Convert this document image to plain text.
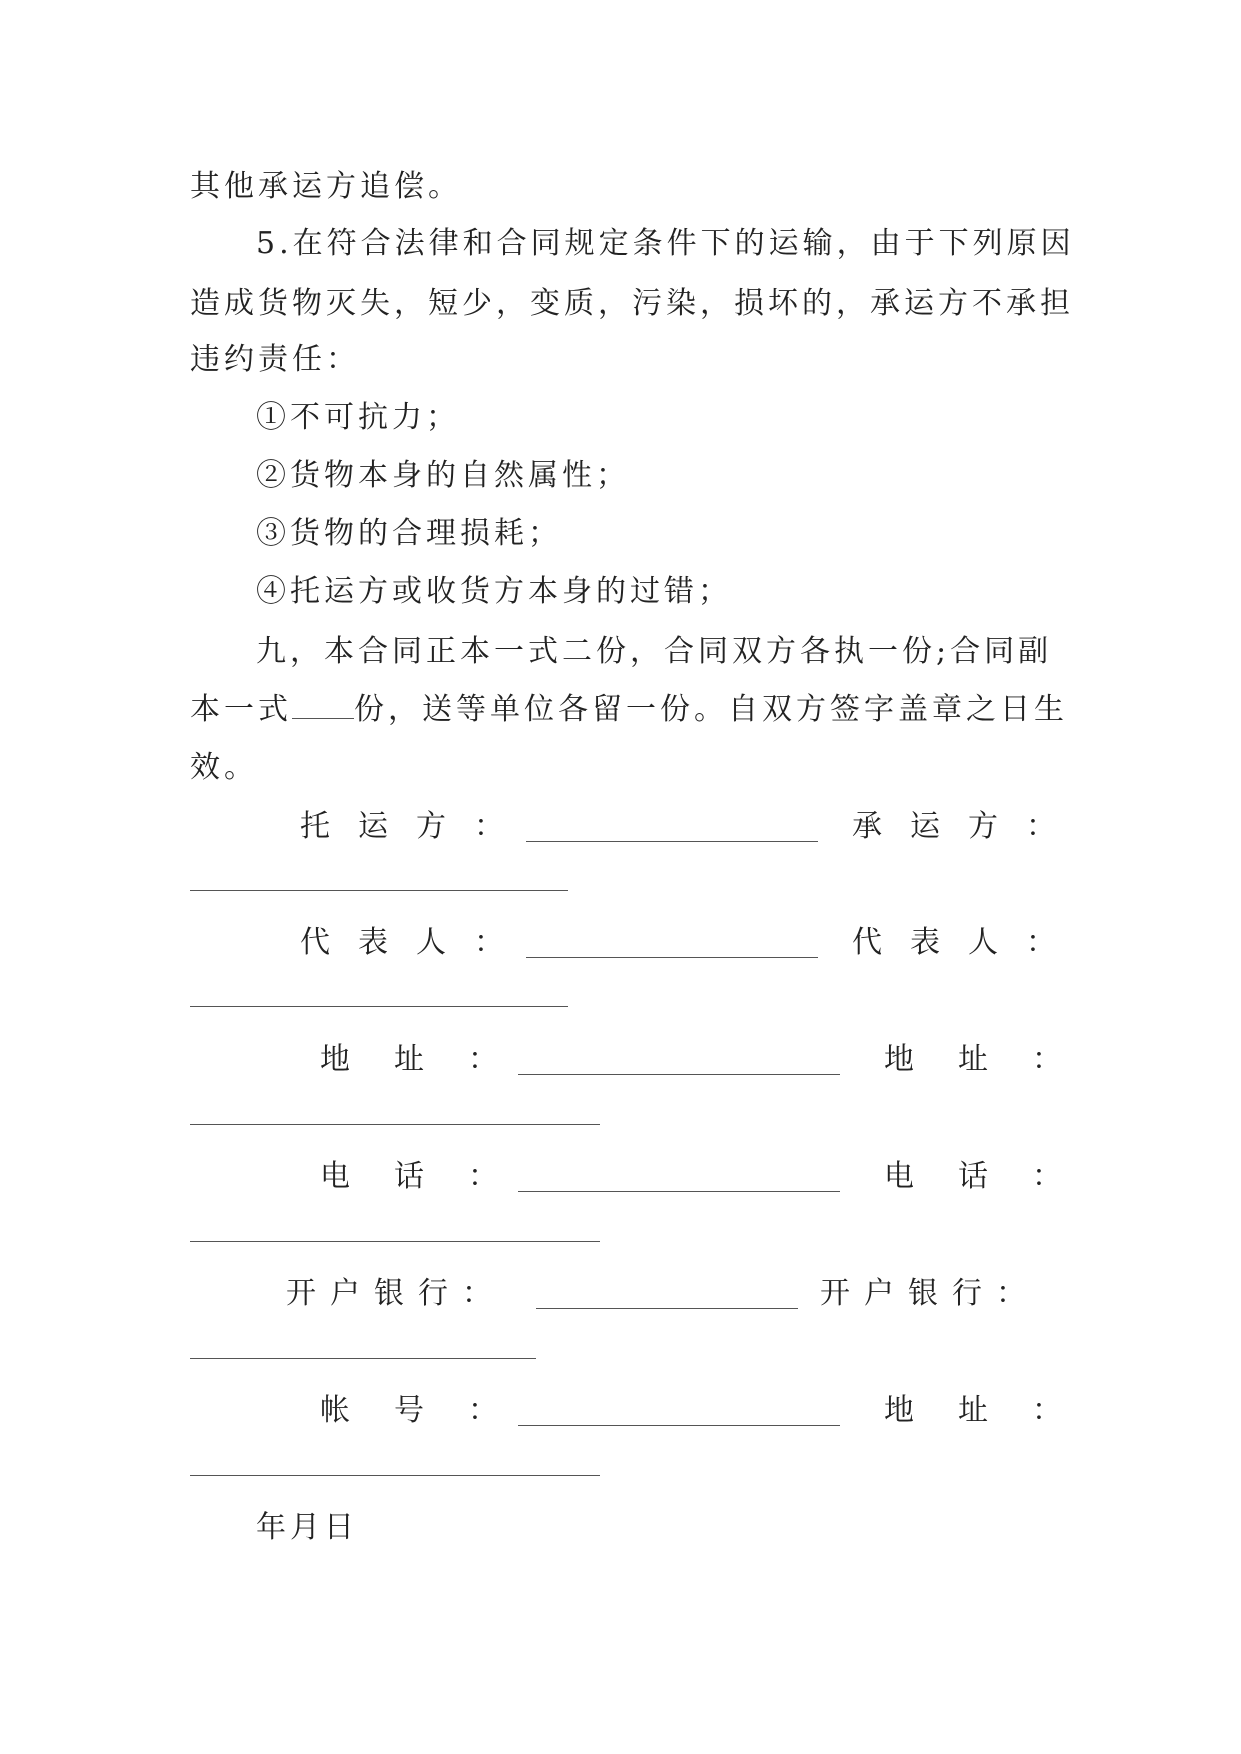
其他承运方追偿。
5.在符合法律和合同规定条件下的运输，由于下列原因
造成货物灭失，短少，变质，污染，损坏的，承运方不承担
违约责任：
①不可抗力；
②货物本身的自然属性；
③货物的合理损耗；
④托运方或收货方本身的过错；
九，本合同正本一式二份，合同双方各执一份;合同副
本一式 份，送等单位各留一份。自双方签字盖章之日生
效。
托运方：	承运方：
代表人：	代表人：
地址：	地址：
电话：	电话：
开户银行：	开户银行：
帐号：	地址：
年月日
